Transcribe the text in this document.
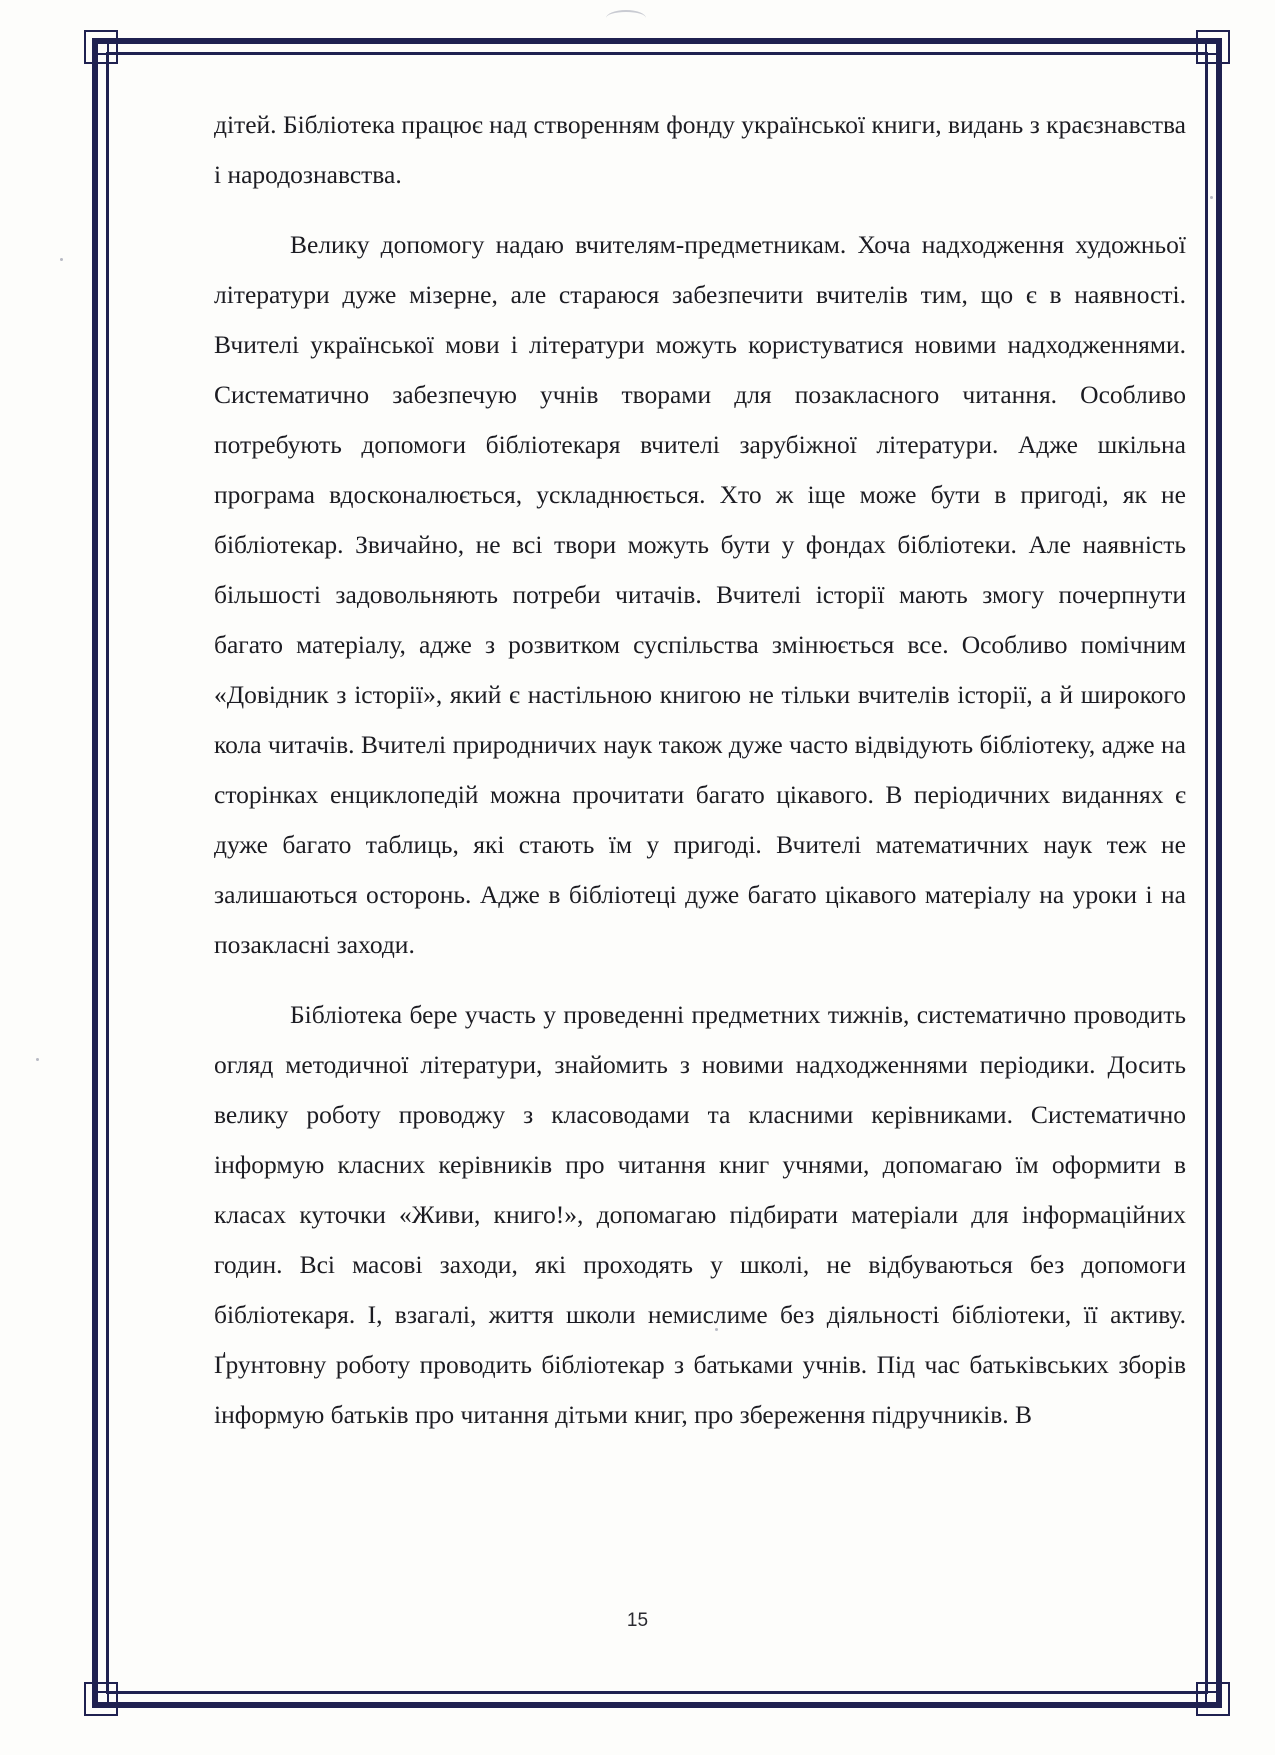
дітей. Бібліотека працює над створенням фонду української книги, видань з краєзнавства і народознавства.

Велику допомогу надаю вчителям-предметникам. Хоча надходження художньої літератури дуже мізерне, але стараюся забезпечити вчителів тим, що є в наявності. Вчителі української мови і літератури можуть користуватися новими надходженнями. Систематично забезпечую учнів творами для позакласного читання. Особливо потребують допомоги бібліотекаря вчителі зарубіжної літератури. Адже шкільна програма вдосконалюється, ускладнюється. Хто ж іще може бути в пригоді, як не бібліотекар. Звичайно, не всі твори можуть бути у фондах бібліотеки. Але наявність більшості задовольняють потреби читачів. Вчителі історії мають змогу почерпнути багато матеріалу, адже з розвитком суспільства змінюється все. Особливо помічним «Довідник з історії», який є настільною книгою не тільки вчителів історії, а й широкого кола читачів. Вчителі природничих наук також дуже часто відвідують бібліотеку, адже на сторінках енциклопедій можна прочитати багато цікавого. В періодичних виданнях є дуже багато таблиць, які стають їм у пригоді. Вчителі математичних наук теж не залишаються осторонь. Адже в бібліотеці дуже багато цікавого матеріалу на уроки і на позакласні заходи.

Бібліотека бере участь у проведенні предметних тижнів, систематично проводить огляд методичної літератури, знайомить з новими надходженнями періодики. Досить велику роботу проводжу з класоводами та класними керівниками. Систематично інформую класних керівників про читання книг учнями, допомагаю їм оформити в класах куточки «Живи, книго!», допомагаю підбирати матеріали для інформаційних годин. Всі масові заходи, які проходять у школі, не відбуваються без допомоги бібліотекаря. І, взагалі, життя школи немислиме без діяльності бібліотеки, її активу. Ґрунтовну роботу проводить бібліотекар з батьками учнів. Під час батьківських зборів інформую батьків про читання дітьми книг, про збереження підручників. В

15
